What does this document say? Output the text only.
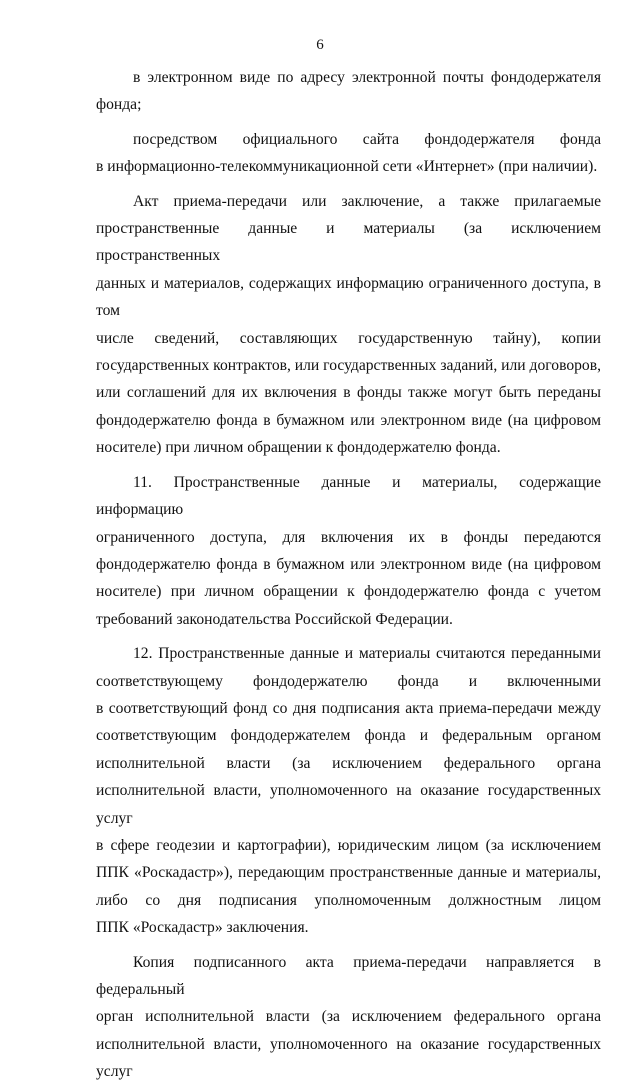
6

в электронном виде по адресу электронной почты фондодержателя

фонда;

посредством официального сайта фондодержателя фонда

в информационно-телекоммуникационной сети «Интернет» (при наличии).

Акт приема-передачи или заключение, а также прилагаемые

пространственные данные и материалы (за исключением пространственных

данных и материалов, содержащих информацию ограниченного доступа, в том

числе сведений, составляющих государственную тайну), копии

государственных контрактов, или государственных заданий, или договоров,

или соглашений для их включения в фонды также могут быть переданы

фондодержателю фонда в бумажном или электронном виде (на цифровом

носителе) при личном обращении к фондодержателю фонда.

11. Пространственные данные и материалы, содержащие информацию

ограниченного доступа, для включения их в фонды передаются

фондодержателю фонда в бумажном или электронном виде (на цифровом

носителе) при личном обращении к фондодержателю фонда с учетом

требований законодательства Российской Федерации.

12. Пространственные данные и материалы считаются переданными

соответствующему фондодержателю фонда и включенными

в соответствующий фонд со дня подписания акта приема-передачи между

соответствующим фондодержателем фонда и федеральным органом

исполнительной власти (за исключением федерального органа

исполнительной власти, уполномоченного на оказание государственных услуг

в сфере геодезии и картографии), юридическим лицом (за исключением

ППК «Роскадастр»), передающим пространственные данные и материалы,

либо со дня подписания уполномоченным должностным лицом

ППК «Роскадастр» заключения.

Копия подписанного акта приема-передачи направляется в федеральный

орган исполнительной власти (за исключением федерального органа

исполнительной власти, уполномоченного на оказание государственных услуг
